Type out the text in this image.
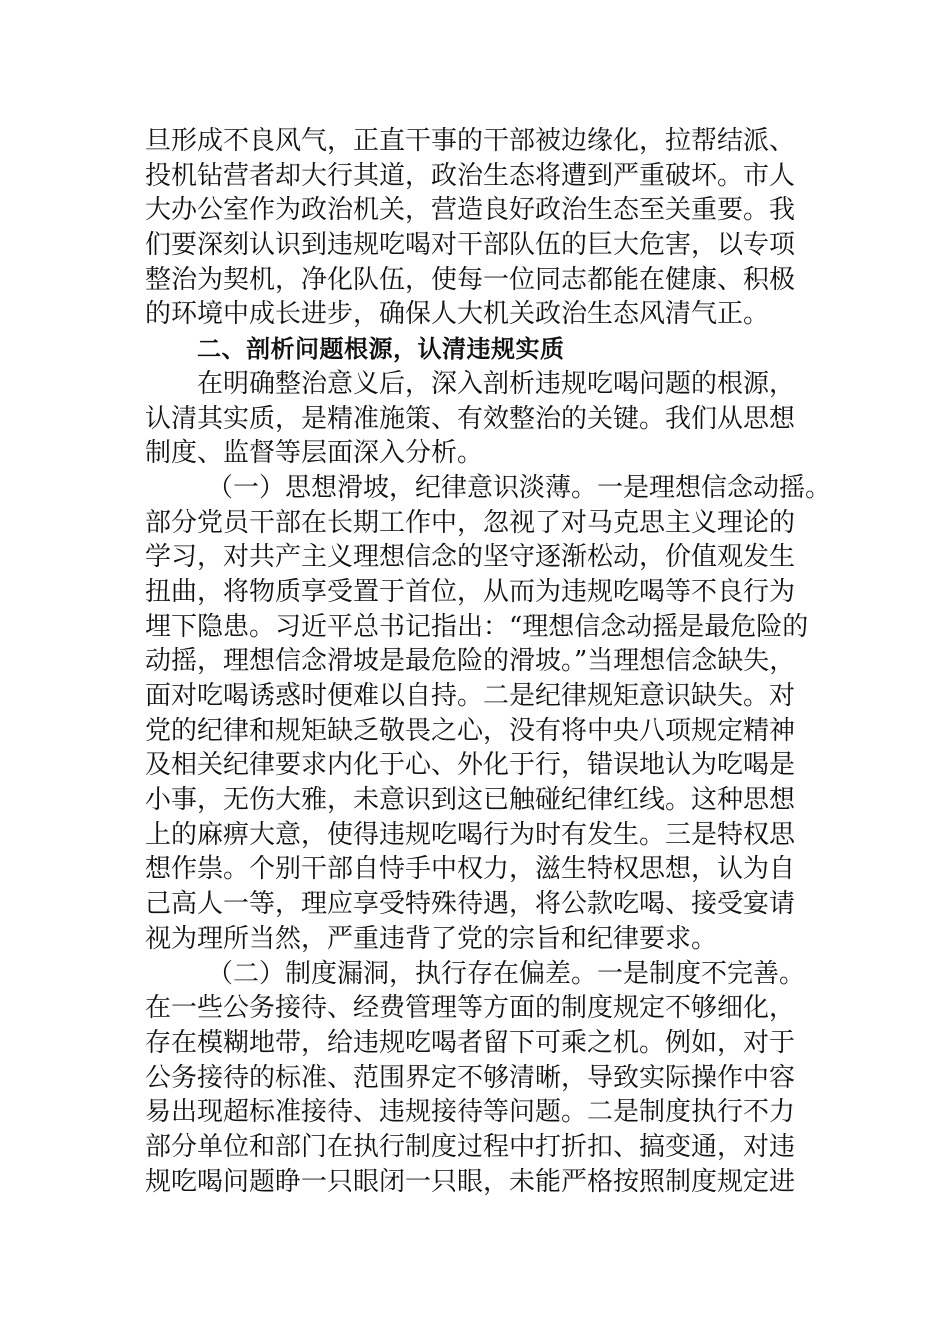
旦形成不良风气，正直干事的干部被边缘化，拉帮结派、
投机钻营者却大行其道，政治生态将遭到严重破坏。市人
大办公室作为政治机关，营造良好政治生态至关重要。我
们要深刻认识到违规吃喝对干部队伍的巨大危害，以专项
整治为契机，净化队伍，使每一位同志都能在健康、积极
的环境中成长进步，确保人大机关政治生态风清气正。
二、剖析问题根源，认清违规实质
在明确整治意义后，深入剖析违规吃喝问题的根源，
认清其实质，是精准施策、有效整治的关键。我们从思想
制度、监督等层面深入分析。
（一）思想滑坡，纪律意识淡薄。一是理想信念动摇。
部分党员干部在长期工作中，忽视了对马克思主义理论的
学习，对共产主义理想信念的坚守逐渐松动，价值观发生
扭曲，将物质享受置于首位，从而为违规吃喝等不良行为
埋下隐患。习近平总书记指出：“理想信念动摇是最危险的
动摇，理想信念滑坡是最危险的滑坡。”当理想信念缺失，
面对吃喝诱惑时便难以自持。二是纪律规矩意识缺失。对
党的纪律和规矩缺乏敬畏之心，没有将中央八项规定精神
及相关纪律要求内化于心、外化于行，错误地认为吃喝是
小事，无伤大雅，未意识到这已触碰纪律红线。这种思想
上的麻痹大意，使得违规吃喝行为时有发生。三是特权思
想作祟。个别干部自恃手中权力，滋生特权思想，认为自
己高人一等，理应享受特殊待遇，将公款吃喝、接受宴请
视为理所当然，严重违背了党的宗旨和纪律要求。
（二）制度漏洞，执行存在偏差。一是制度不完善。
在一些公务接待、经费管理等方面的制度规定不够细化，
存在模糊地带，给违规吃喝者留下可乘之机。例如，对于
公务接待的标准、范围界定不够清晰，导致实际操作中容
易出现超标准接待、违规接待等问题。二是制度执行不力
部分单位和部门在执行制度过程中打折扣、搞变通，对违
规吃喝问题睁一只眼闭一只眼，未能严格按照制度规定进
